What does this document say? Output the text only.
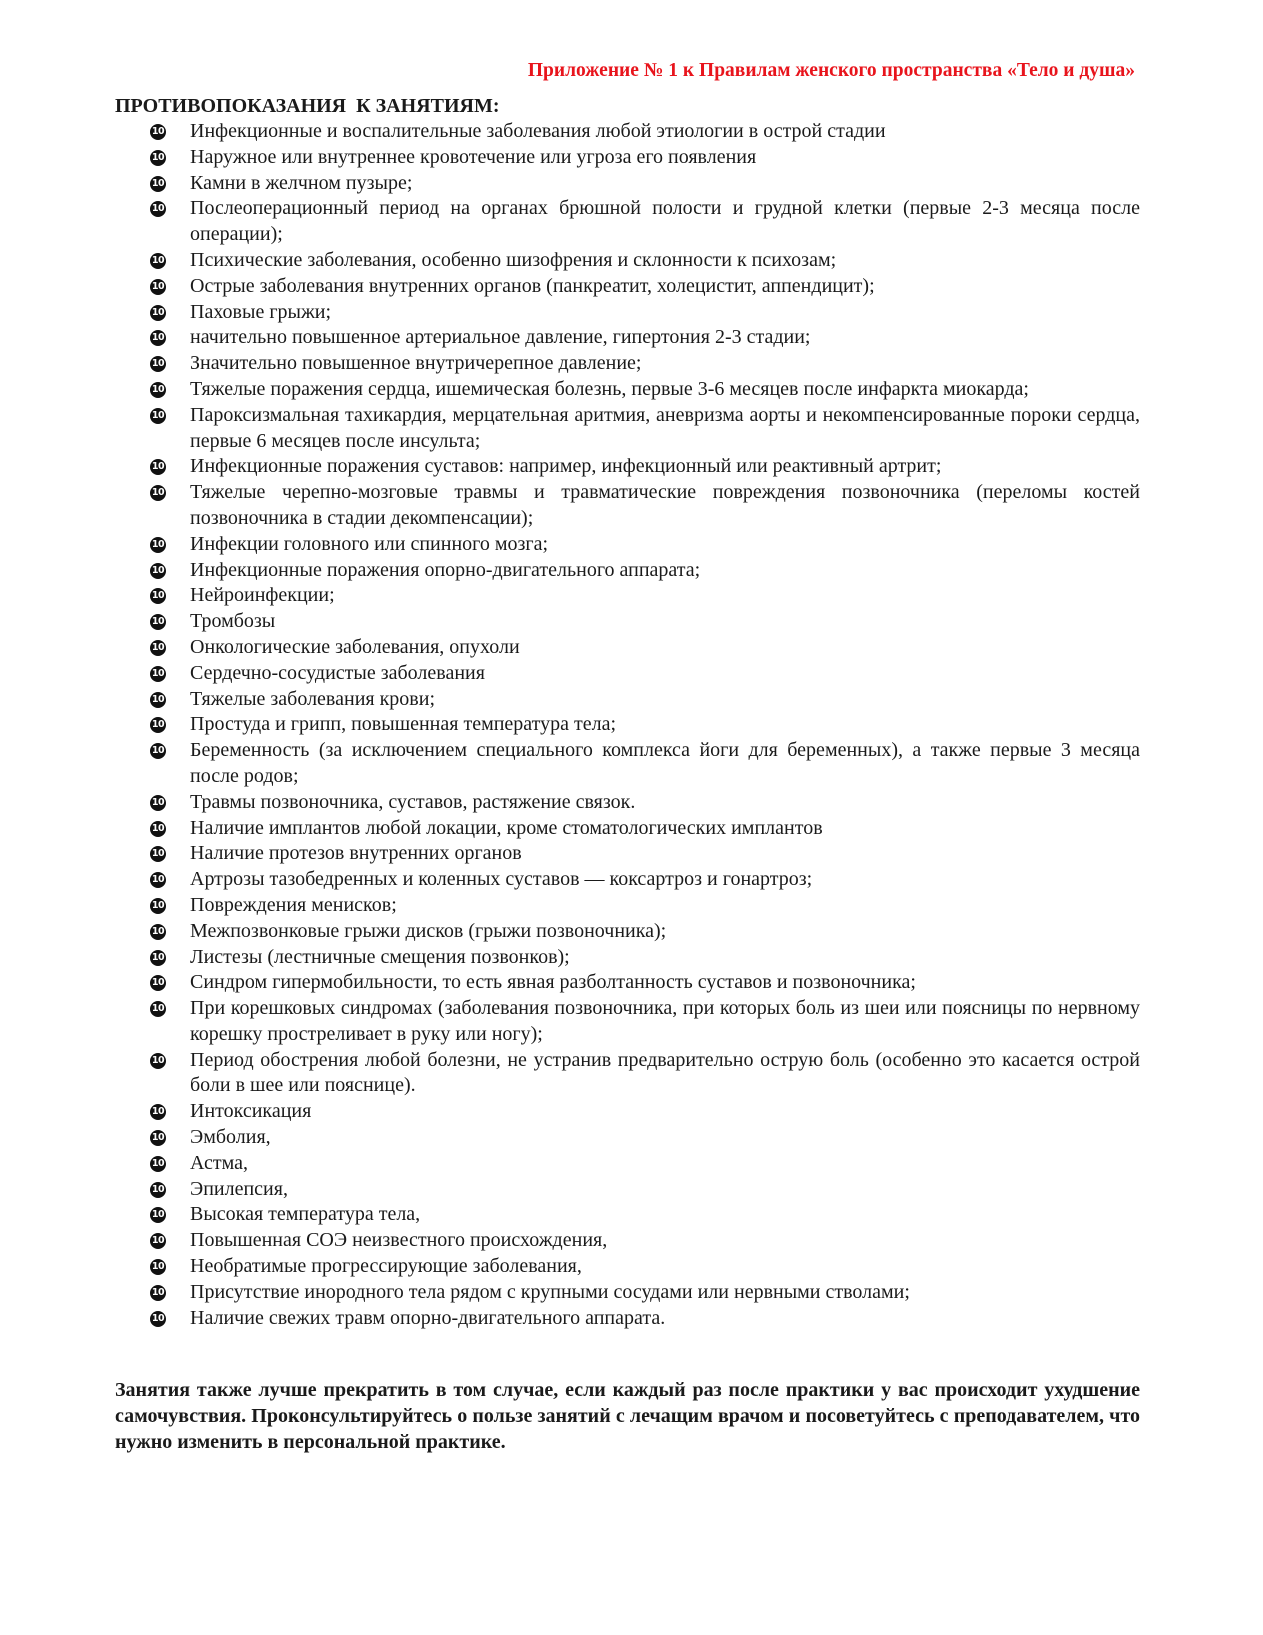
Приложение № 1 к Правилам женского пространства «Тело и душа»
ПРОТИВОПОКАЗАНИЯ  К ЗАНЯТИЯМ:
10 Инфекционные и воспалительные заболевания любой этиологии в острой стадии
10 Наружное или внутреннее кровотечение или угроза его появления
10 Камни в желчном пузыре;
10 Послеоперационный период на органах брюшной полости и грудной клетки (первые 2-3 месяца после операции);
10 Психические заболевания, особенно шизофрения и склонности к психозам;
10 Острые заболевания внутренних органов (панкреатит, холецистит, аппендицит);
10 Паховые грыжи;
10 начительно повышенное артериальное давление, гипертония 2-3 стадии;
10 Значительно повышенное внутричерепное давление;
10 Тяжелые поражения сердца, ишемическая болезнь, первые 3-6 месяцев после инфаркта миокарда;
10 Пароксизмальная тахикардия, мерцательная аритмия, аневризма аорты и некомпенсированные пороки сердца, первые 6 месяцев после инсульта;
10 Инфекционные поражения суставов: например, инфекционный или реактивный артрит;
10 Тяжелые черепно-мозговые травмы и травматические повреждения позвоночника (переломы костей позвоночника в стадии декомпенсации);
10 Инфекции головного или спинного мозга;
10 Инфекционные поражения опорно-двигательного аппарата;
10 Нейроинфекции;
10 Тромбозы
10 Онкологические заболевания, опухоли
10 Сердечно-сосудистые заболевания
10 Тяжелые заболевания крови;
10 Простуда и грипп, повышенная температура тела;
10 Беременность (за исключением специального комплекса йоги для беременных), а также первые 3 месяца после родов;
10 Травмы позвоночника, суставов, растяжение связок.
10 Наличие имплантов любой локации, кроме стоматологических имплантов
10 Наличие протезов внутренних органов
10 Артрозы тазобедренных и коленных суставов — коксартроз и гонартроз;
10 Повреждения менисков;
10 Межпозвонковые грыжи дисков (грыжи позвоночника);
10 Листезы (лестничные смещения позвонков);
10 Синдром гипермобильности, то есть явная разболтанность суставов и позвоночника;
10 При корешковых синдромах (заболевания позвоночника, при которых боль из шеи или поясницы по нервному корешку простреливает в руку или ногу);
10 Период обострения любой болезни, не устранив предварительно острую боль (особенно это касается острой боли в шее или пояснице).
10 Интоксикация
10 Эмболия,
10 Астма,
10 Эпилепсия,
10 Высокая температура тела,
10 Повышенная СОЭ неизвестного происхождения,
10 Необратимые прогрессирующие заболевания,
10 Присутствие инородного тела рядом с крупными сосудами или нервными стволами;
10 Наличие свежих травм опорно-двигательного аппарата.

Занятия также лучше прекратить в том случае, если каждый раз после практики у вас происходит ухудшение самочувствия. Проконсультируйтесь о пользе занятий с лечащим врачом и посоветуйтесь с преподавателем, что нужно изменить в персональной практике.
